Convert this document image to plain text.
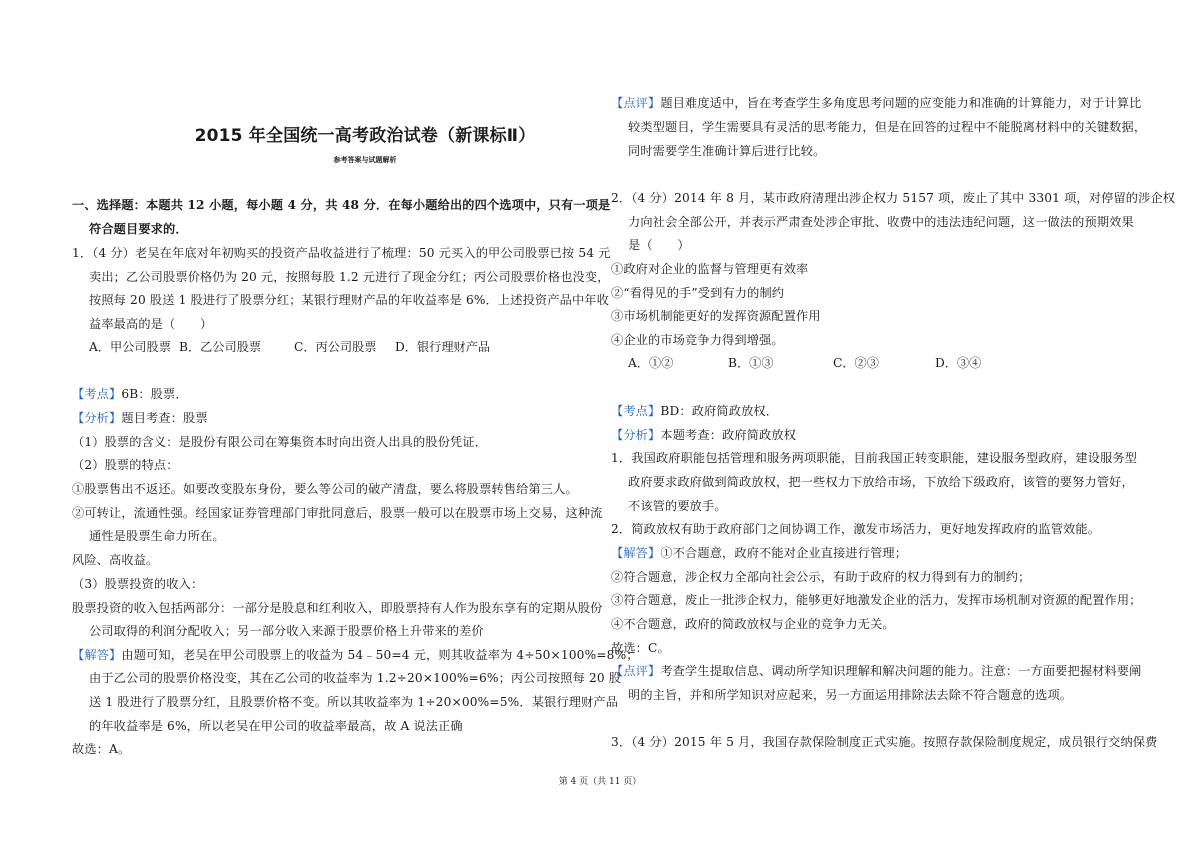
2015 年全国统一高考政治试卷（新课标Ⅱ）
参考答案与试题解析
一、选择题：本题共 12 小题，每小题 4 分，共 48 分．在每小题给出的四个选项中，只有一项是
符合题目要求的．
1．（4 分）老吴在年底对年初购买的投资产品收益进行了梳理：50 元买入的甲公司股票已按 54 元
卖出；乙公司股票价格仍为 20 元，按照每股 1.2 元进行了现金分红；丙公司股票价格也没变，
按照每 20 股送 1 股进行了股票分红；某银行理财产品的年收益率是 6%．上述投资产品中年收
益率最高的是（　　）
A．甲公司股票 B．乙公司股票	C．丙公司股票 D．银行理财产品
【考点】6B：股票．
【分析】题目考查：股票
（1）股票的含义：是股份有限公司在筹集资本时向出资人出具的股份凭证．
（2）股票的特点：
①股票售出不返还。如要改变股东身份，要么等公司的破产清盘，要么将股票转售给第三人。
②可转让，流通性强。经国家证券管理部门审批同意后，股票一般可以在股票市场上交易，这种流
通性是股票生命力所在。
风险、高收益。
（3）股票投资的收入：
股票投资的收入包括两部分：一部分是股息和红利收入，即股票持有人作为股东享有的定期从股份
公司取得的利润分配收入；另一部分收入来源于股票价格上升带来的差价
【解答】由题可知，老吴在甲公司股票上的收益为 54﹣50=4 元，则其收益率为 4÷50×100%=8%；
由于乙公司的股票价格没变，其在乙公司的收益率为 1.2÷20×100%=6%；丙公司按照每 20 股
送 1 股进行了股票分红，且股票价格不变。所以其收益率为 1÷20×00%=5%．某银行理财产品
的年收益率是 6%，所以老吴在甲公司的收益率最高，故 A 说法正确
故选：A。
【点评】题目难度适中，旨在考查学生多角度思考问题的应变能力和准确的计算能力，对于计算比
较类型题目，学生需要具有灵活的思考能力，但是在回答的过程中不能脱离材料中的关键数据，
同时需要学生准确计算后进行比较。
2．（4 分）2014 年 8 月，某市政府清理出涉企权力 5157 项，废止了其中 3301 项，对停留的涉企权
力向社会全部公开，并表示严肃查处涉企审批、收费中的违法违纪问题，这一做法的预期效果
是（　　）
①政府对企业的监督与管理更有效率
②“看得见的手”受到有力的制约
③市场机制能更好的发挥资源配置作用
④企业的市场竞争力得到增强。
A．①②	B．①③	C．②③	D．③④
【考点】BD：政府简政放权．
【分析】本题考查：政府简政放权
1．我国政府职能包括管理和服务两项职能，目前我国正转变职能，建设服务型政府，建设服务型
政府要求政府做到简政放权，把一些权力下放给市场，下放给下级政府，该管的要努力管好，
不该管的要放手。
2．简政放权有助于政府部门之间协调工作，激发市场活力，更好地发挥政府的监管效能。
【解答】①不合题意，政府不能对企业直接进行管理；
②符合题意，涉企权力全部向社会公示，有助于政府的权力得到有力的制约；
③符合题意，废止一批涉企权力，能够更好地激发企业的活力，发挥市场机制对资源的配置作用；
④不合题意，政府的简政放权与企业的竞争力无关。
故选：C。
【点评】考查学生提取信息、调动所学知识理解和解决问题的能力。注意：一方面要把握材料要阐
明的主旨，并和所学知识对应起来，另一方面运用排除法去除不符合题意的选项。
3．（4 分）2015 年 5 月，我国存款保险制度正式实施。按照存款保险制度规定，成员银行交纳保费
第 4 页（共 11 页）
